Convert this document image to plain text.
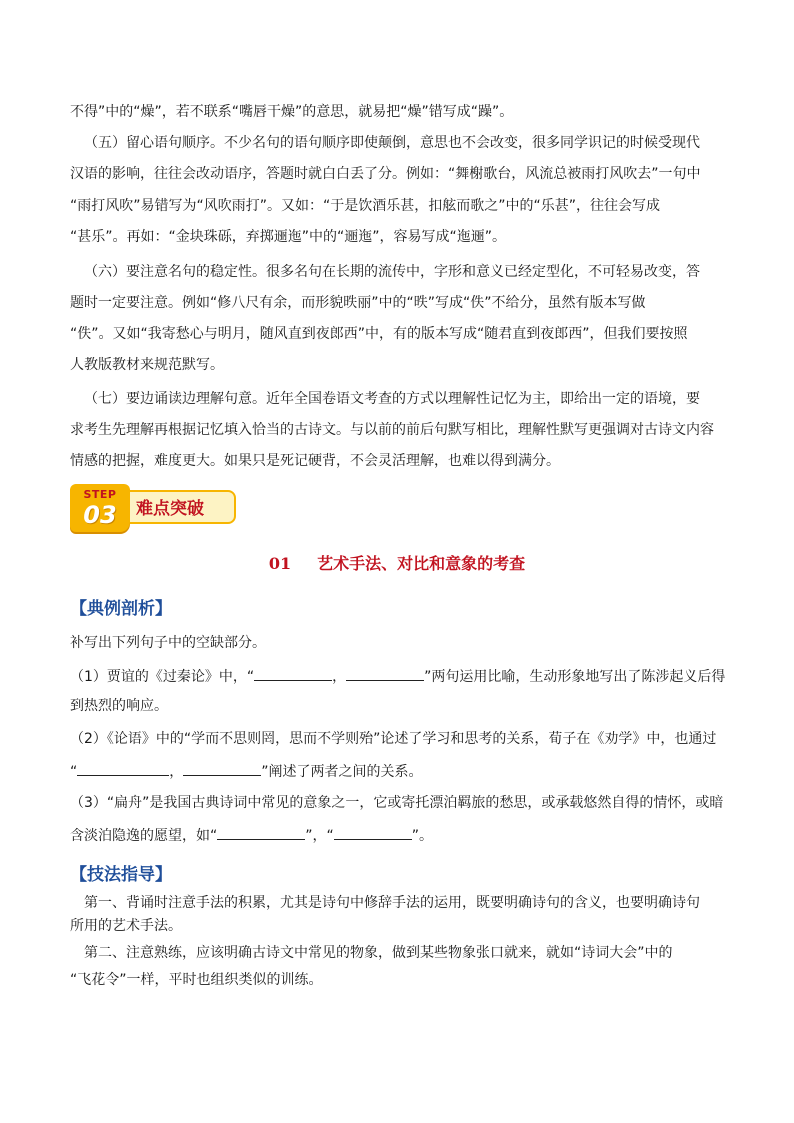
不得”中的“燥”，若不联系“嘴唇干燥”的意思，就易把“燥”错写成“躁”。
（五）留心语句顺序。不少名句的语句顺序即使颠倒，意思也不会改变，很多同学识记的时候受现代
汉语的影响，往往会改动语序，答题时就白白丢了分。例如：“舞榭歌台，风流总被雨打风吹去”一句中
“雨打风吹”易错写为“风吹雨打”。又如：“于是饮酒乐甚，扣舷而歌之”中的“乐甚”，往往会写成
“甚乐”。再如：“金块珠砾，弃掷逦迤”中的“逦迤”，容易写成“迤逦”。
（六）要注意名句的稳定性。很多名句在长期的流传中，字形和意义已经定型化，不可轻易改变，答
题时一定要注意。例如“修八尺有余，而形貌昳丽”中的“昳”写成“佚”不给分，虽然有版本写做
“佚”。又如“我寄愁心与明月，随风直到夜郎西”中，有的版本写成“随君直到夜郎西”，但我们要按照
人教版教材来规范默写。
（七）要边诵读边理解句意。近年全国卷语文考查的方式以理解性记忆为主，即给出一定的语境，要
求考生先理解再根据记忆填入恰当的古诗文。与以前的前后句默写相比，理解性默写更强调对古诗文内容
情感的把握，难度更大。如果只是死记硬背，不会灵活理解，也难以得到满分。
STEP
03	难点突破
01 艺术手法、对比和意象的考查
【典例剖析】
补写出下列句子中的空缺部分。
（1）贾谊的《过秦论》中，“	，	”两句运用比喻，生动形象地写出了陈涉起义后得
到热烈的响应。
（2）《论语》中的“学而不思则罔，思而不学则殆”论述了学习和思考的关系，荀子在《劝学》中，也通过
“	，	”阐述了两者之间的关系。
（3）“扁舟”是我国古典诗词中常见的意象之一，它或寄托漂泊羁旅的愁思，或承载悠然自得的情怀，或暗
含淡泊隐逸的愿望，如“	”，“	”。
【技法指导】
第一、背诵时注意手法的积累，尤其是诗句中修辞手法的运用，既要明确诗句的含义，也要明确诗句
所用的艺术手法。
第二、注意熟练，应该明确古诗文中常见的物象，做到某些物象张口就来，就如“诗词大会”中的
“飞花令”一样，平时也组织类似的训练。
